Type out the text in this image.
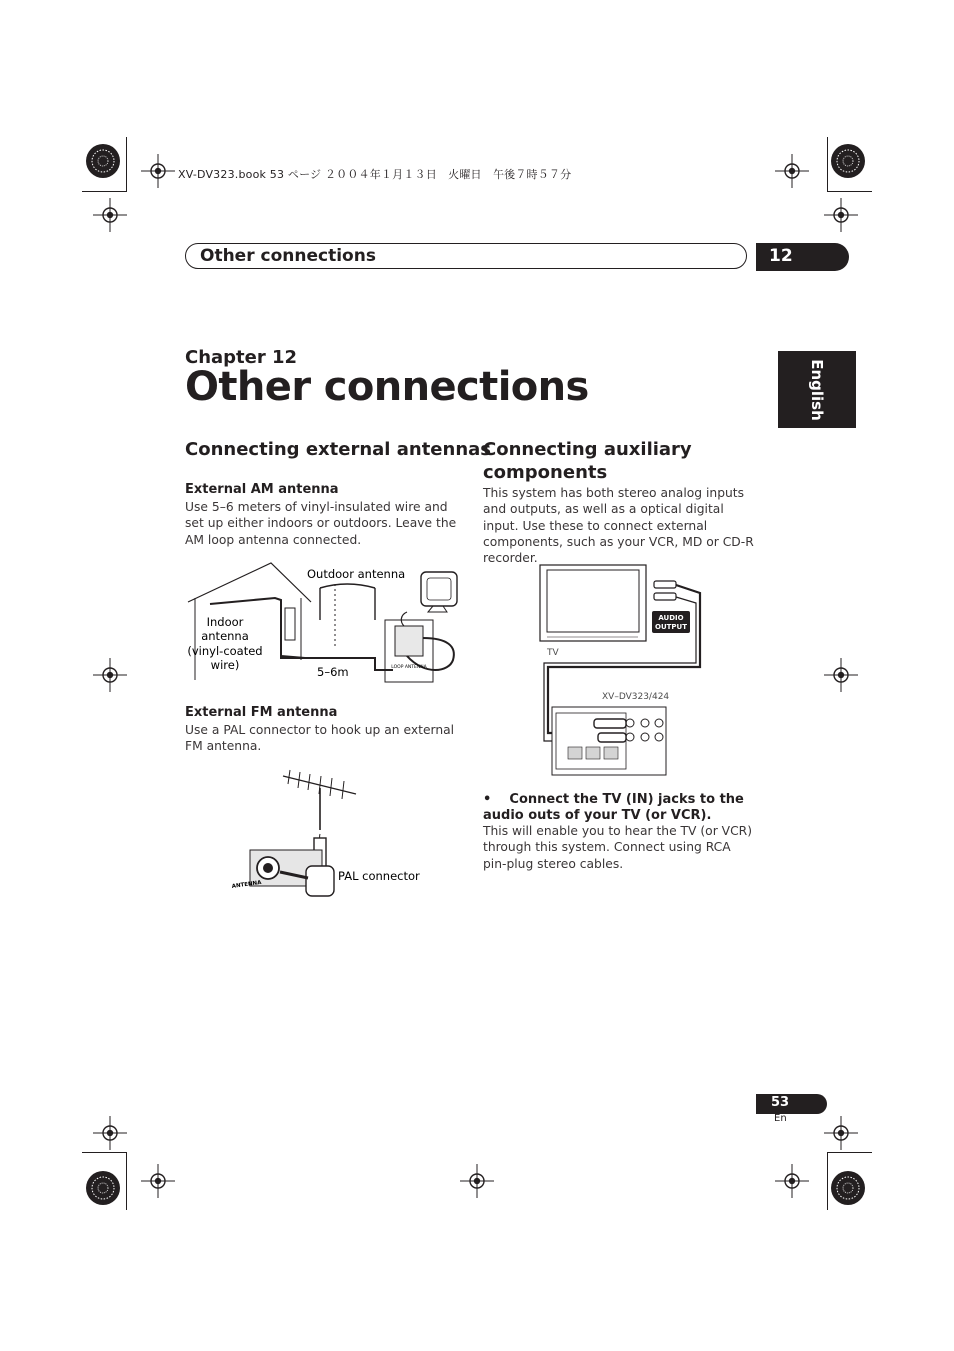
XV-DV323.book 53 ページ ２００４年１月１３日　火曜日　午後７時５７分
Other connections	12
English
Chapter 12
Other connections
Connecting external antennas
External AM antenna
Use 5–6 meters of vinyl-insulated wire and set up either indoors or outdoors. Leave the AM loop antenna connected.
LOOP ANTENNA
Outdoor antenna
Indoor
antenna
(vinyl-coated
wire)	5–6m
External FM antenna
Use a PAL connector to hook up an external FM antenna.
ANTENNA
PAL connector
Connecting auxiliary
components
This system has both stereo analog inputs and outputs, as well as a optical digital input. Use these to connect external components, such as your VCR, MD or CD-R recorder.
AUDIO
OUTPUT
TV
XV–DV323/424
• Connect the TV (IN) jacks to the audio outs of your TV (or VCR).
This will enable you to hear the TV (or VCR) through this system. Connect using RCA pin-plug stereo cables.
53
En
